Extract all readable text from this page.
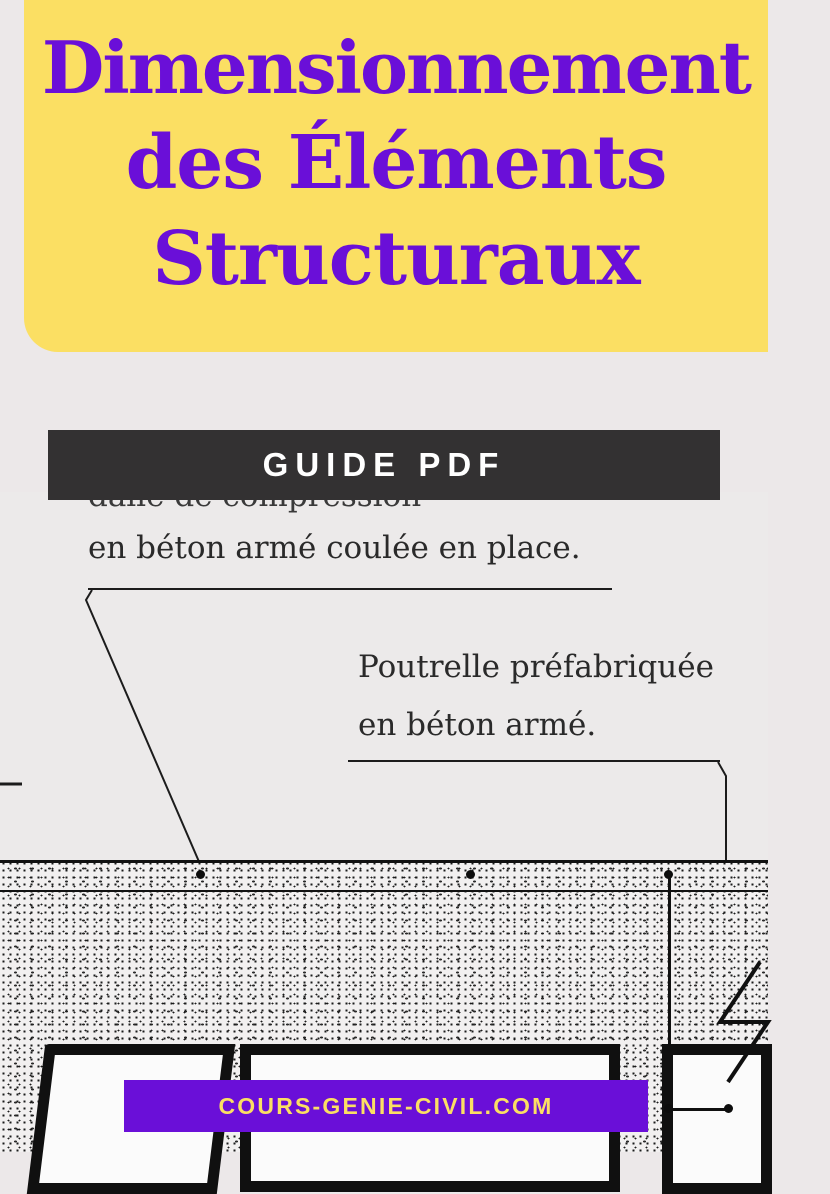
Dimensionnement
des Éléments
Structuraux
GUIDE PDF
en béton armé coulée en place.
Poutrelle préfabriquée
en béton armé.
COURS-GENIE-CIVIL.COM
